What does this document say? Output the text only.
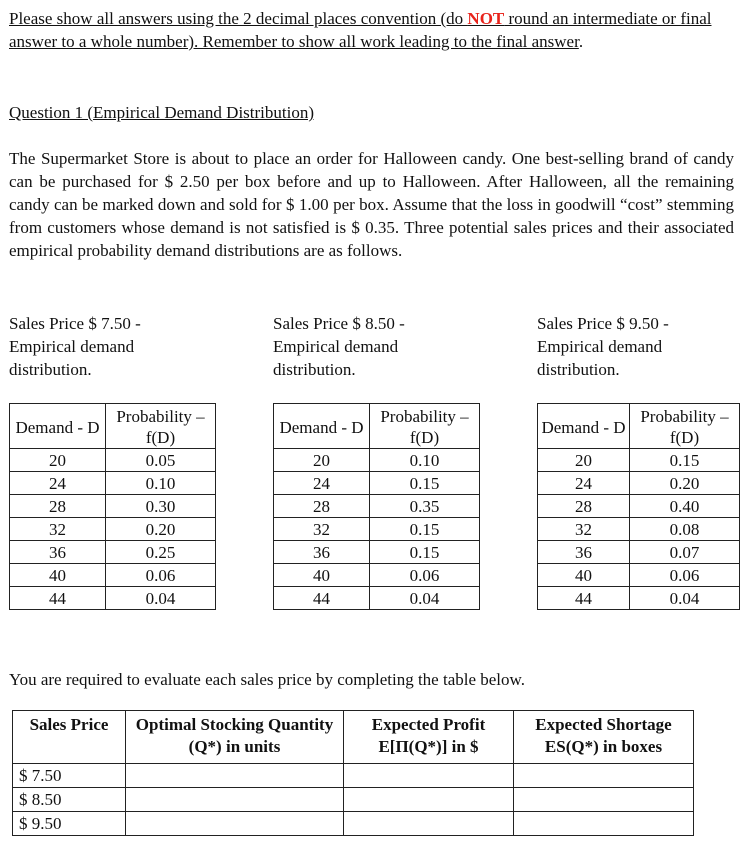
Please show all answers using the 2 decimal places convention (do NOT round an intermediate or final answer to a whole number). Remember to show all work leading to the final answer.
Question 1 (Empirical Demand Distribution)
The Supermarket Store is about to place an order for Halloween candy. One best-selling brand of candy can be purchased for $ 2.50 per box before and up to Halloween. After Halloween, all the remaining candy can be marked down and sold for $ 1.00 per box. Assume that the loss in goodwill “cost” stemming from customers whose demand is not satisfied is $ 0.35. Three potential sales prices and their associated empirical probability demand distributions are as follows.
Sales Price $ 7.50 - Empirical demand distribution.
Sales Price $ 8.50 - Empirical demand distribution.
Sales Price $ 9.50 - Empirical demand distribution.
Demand - D	Probability – f(D)
20	0.05
24	0.10
28	0.30
32	0.20
36	0.25
40	0.06
44	0.04
Demand - D	Probability – f(D)
20	0.10
24	0.15
28	0.35
32	0.15
36	0.15
40	0.06
44	0.04
Demand - D	Probability – f(D)
20	0.15
24	0.20
28	0.40
32	0.08
36	0.07
40	0.06
44	0.04
You are required to evaluate each sales price by completing the table below.
Sales Price	Optimal Stocking Quantity (Q*) in units	Expected Profit E[Π(Q*)] in $	Expected Shortage ES(Q*) in boxes
$ 7.50			
$ 8.50			
$ 9.50			
